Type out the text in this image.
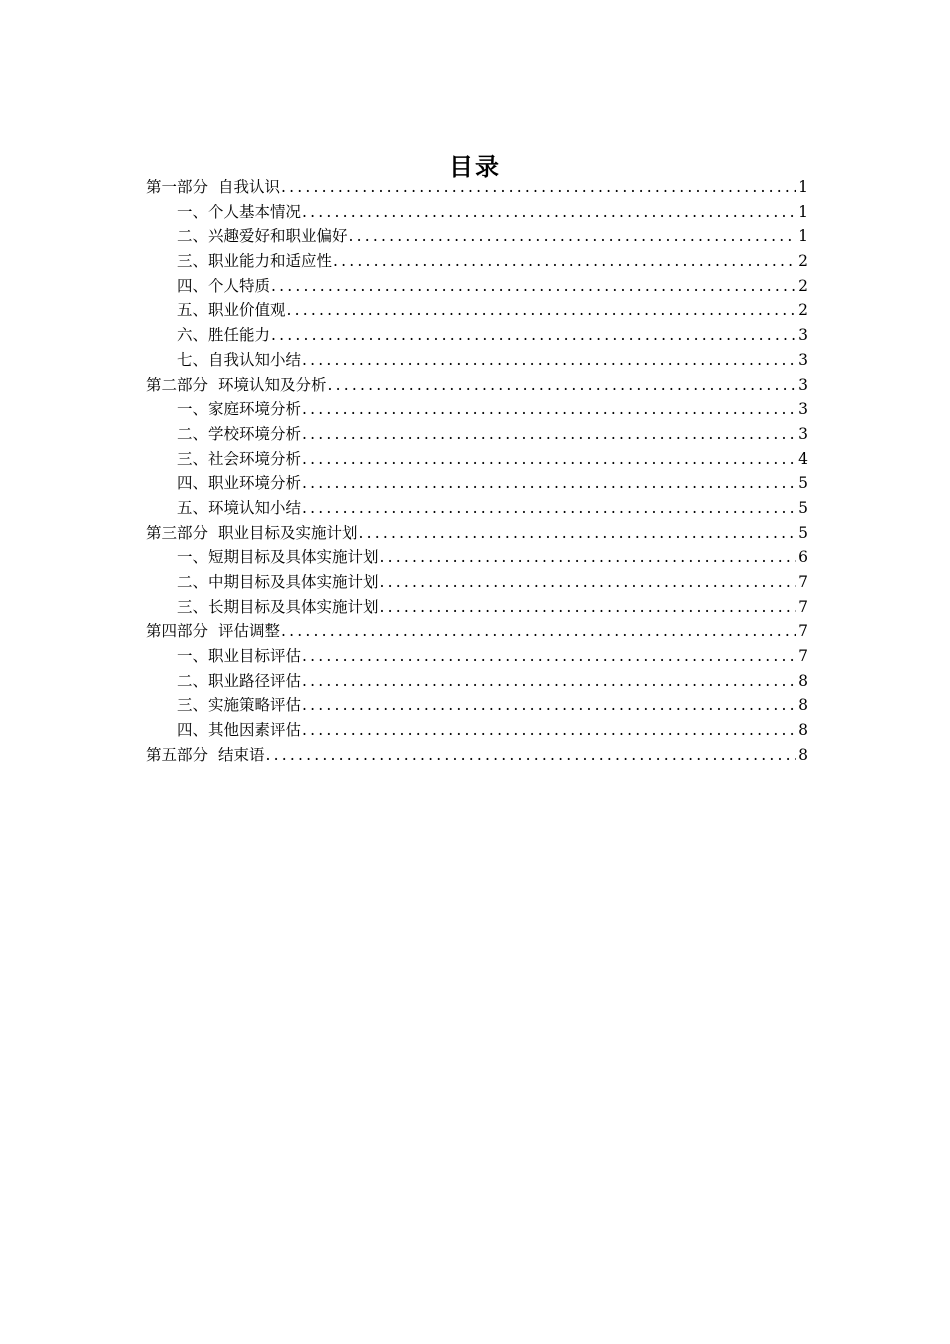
目录
第一部分 自我认识 .....	1
一、个人基本情况 .....	1
二、兴趣爱好和职业偏好 .....	1
三、职业能力和适应性 .....	2
四、个人特质 .....	2
五、职业价值观 .....	2
六、胜任能力 .....	3
七、自我认知小结 .....	3
第二部分 环境认知及分析 .....	3
一、家庭环境分析 .....	3
二、学校环境分析 .....	3
三、社会环境分析 .....	4
四、职业环境分析 .....	5
五、环境认知小结 .....	5
第三部分 职业目标及实施计划 .....	5
一、短期目标及具体实施计划 .....	6
二、中期目标及具体实施计划 .....	7
三、长期目标及具体实施计划 .....	7
第四部分 评估调整 .....	7
一、职业目标评估 .....	7
二、职业路径评估 .....	8
三、实施策略评估 .....	8
四、其他因素评估 .....	8
第五部分 结束语 .....	8
